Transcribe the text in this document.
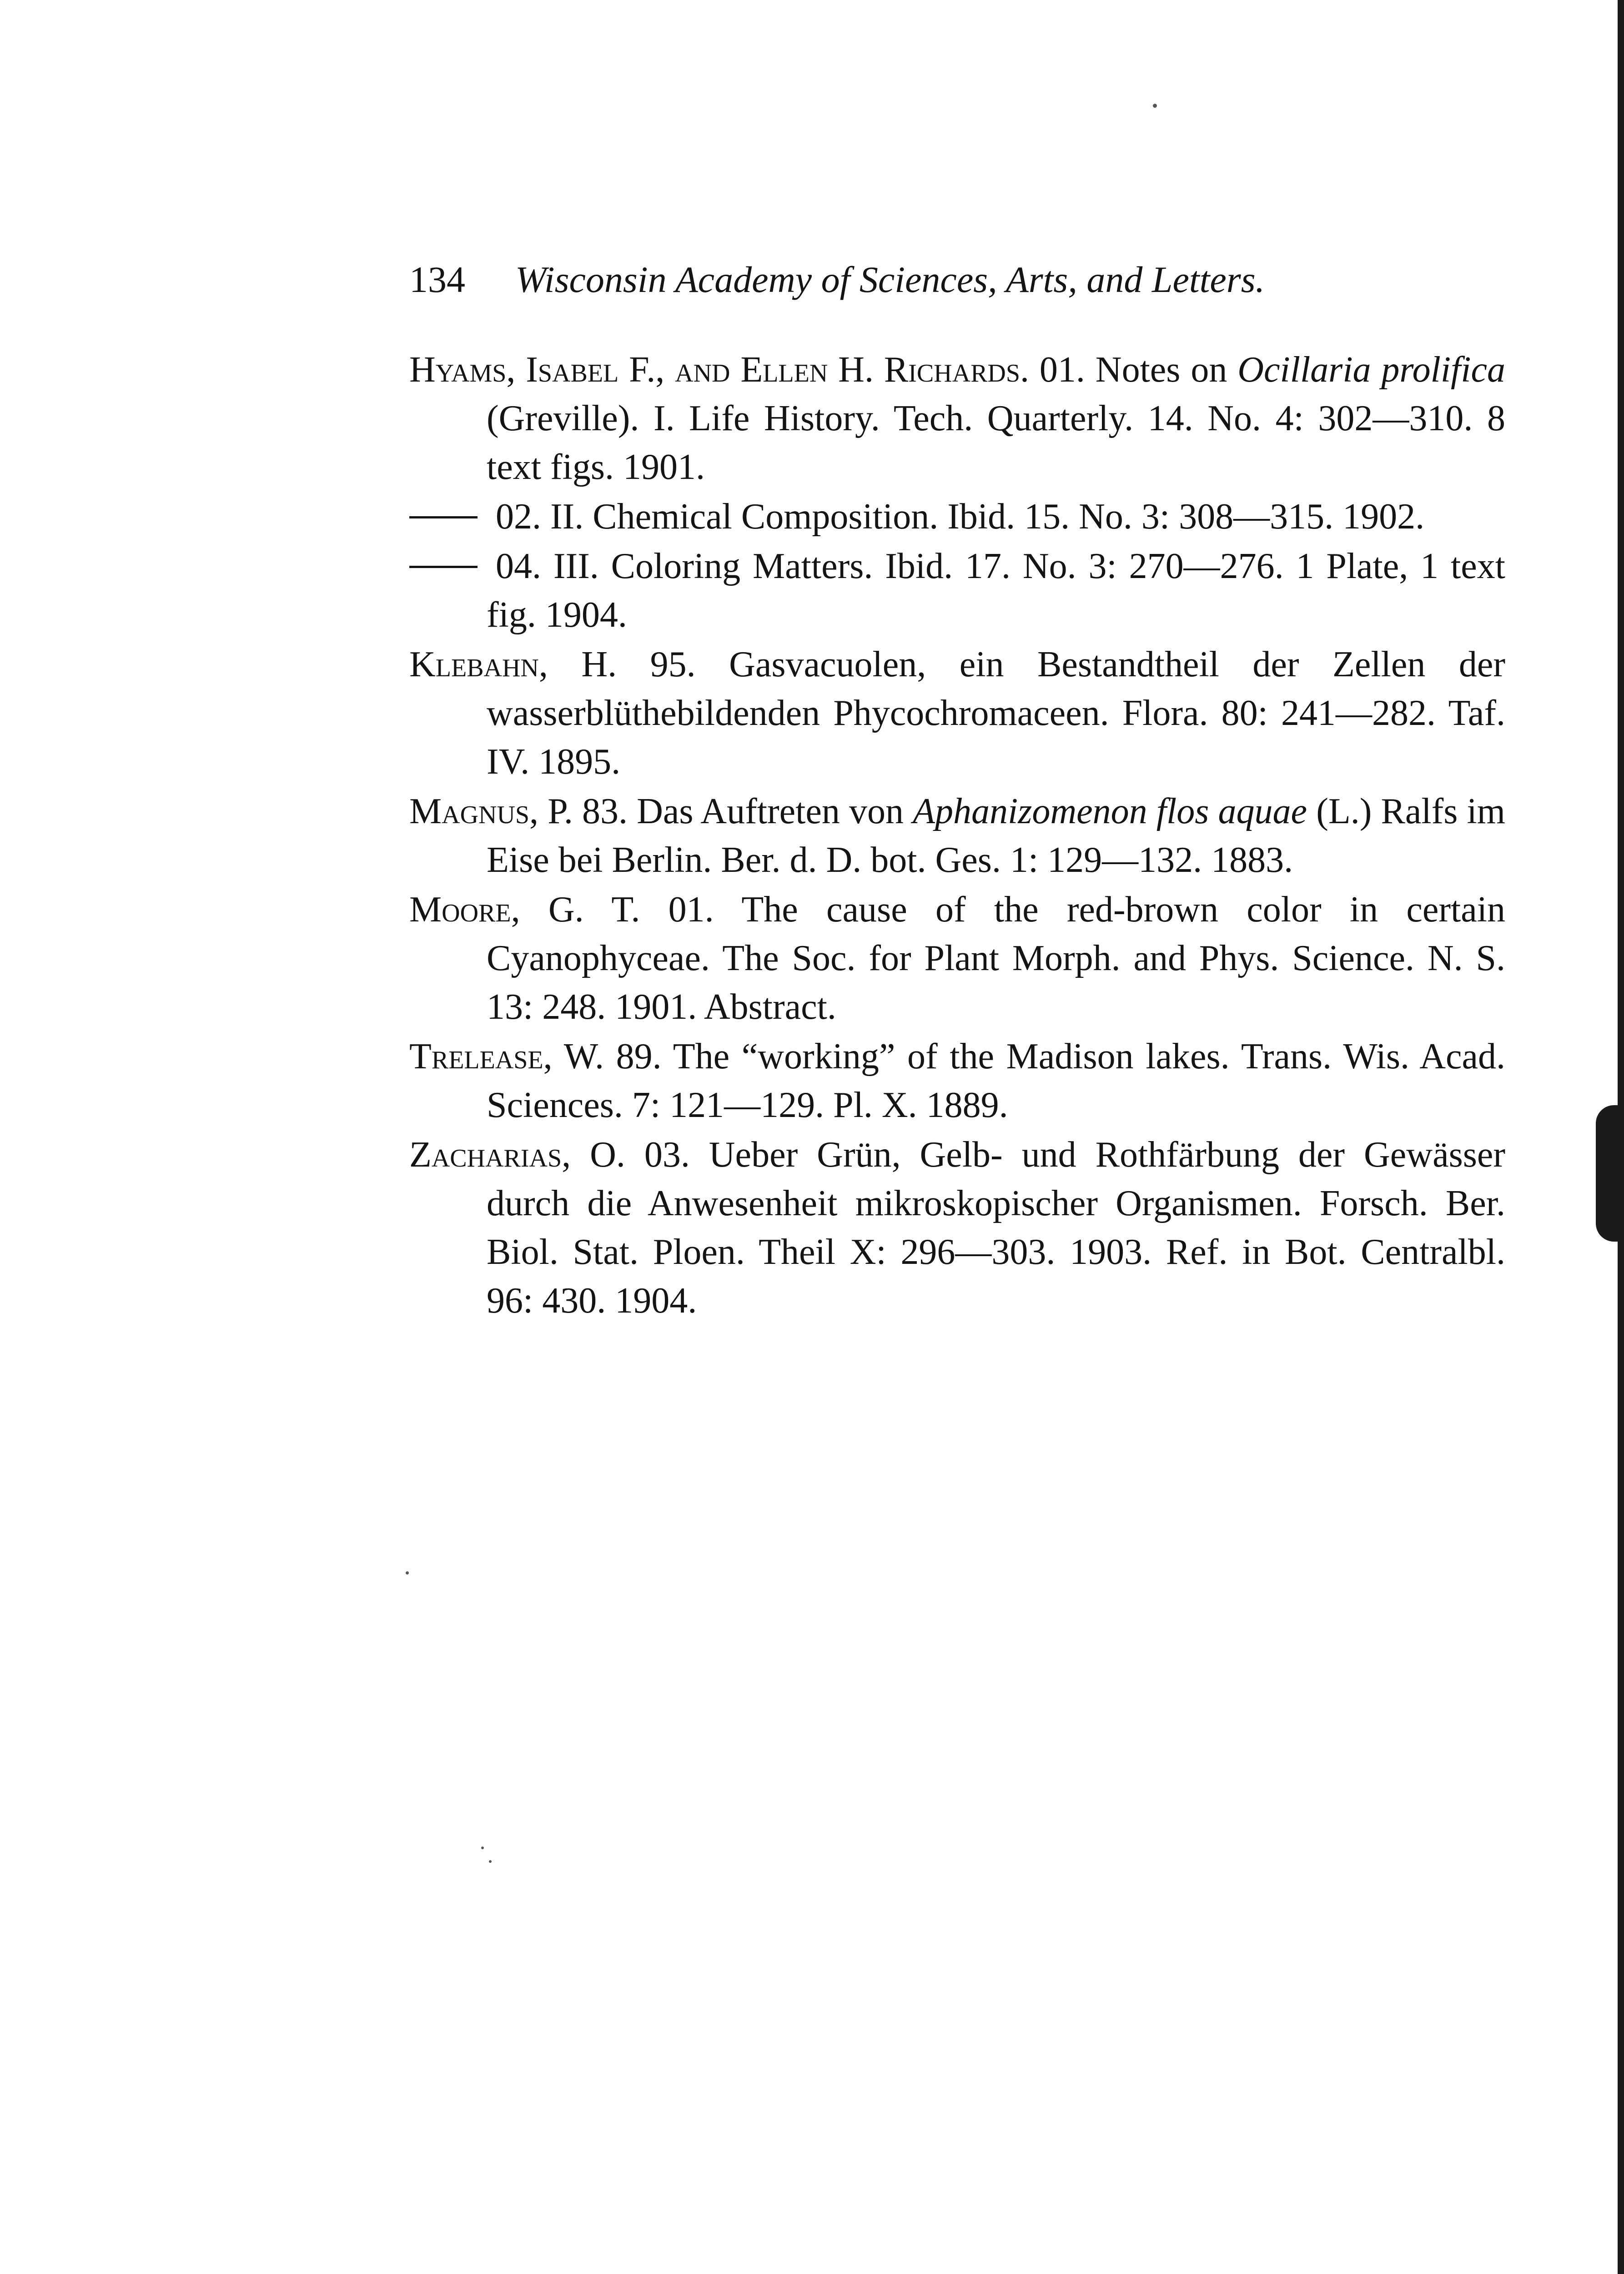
134 Wisconsin Academy of Sciences, Arts, and Letters.

Hyams, Isabel F., and Ellen H. Richards. 01. Notes on Ocillaria prolifica (Greville). I. Life History. Tech. Quarterly. 14. No. 4: 302—310. 8 text figs. 1901.

02. II. Chemical Composition. Ibid. 15. No. 3: 308—315. 1902.

04. III. Coloring Matters. Ibid. 17. No. 3: 270—276. 1 Plate, 1 text fig. 1904.

Klebahn, H. 95. Gasvacuolen, ein Bestandtheil der Zellen der wasserblüthebildenden Phycochromaceen. Flora. 80: 241—282. Taf. IV. 1895.

Magnus, P. 83. Das Auftreten von Aphanizomenon flos aquae (L.) Ralfs im Eise bei Berlin. Ber. d. D. bot. Ges. 1: 129—132. 1883.

Moore, G. T. 01. The cause of the red-brown color in certain Cyanophyceae. The Soc. for Plant Morph. and Phys. Science. N. S. 13: 248. 1901. Abstract.

Trelease, W. 89. The “working” of the Madison lakes. Trans. Wis. Acad. Sciences. 7: 121—129. Pl. X. 1889.

Zacharias, O. 03. Ueber Grün, Gelb- und Rothfärbung der Gewässer durch die Anwesenheit mikroskopischer Organismen. Forsch. Ber. Biol. Stat. Ploen. Theil X: 296—303. 1903. Ref. in Bot. Centralbl. 96: 430. 1904.
